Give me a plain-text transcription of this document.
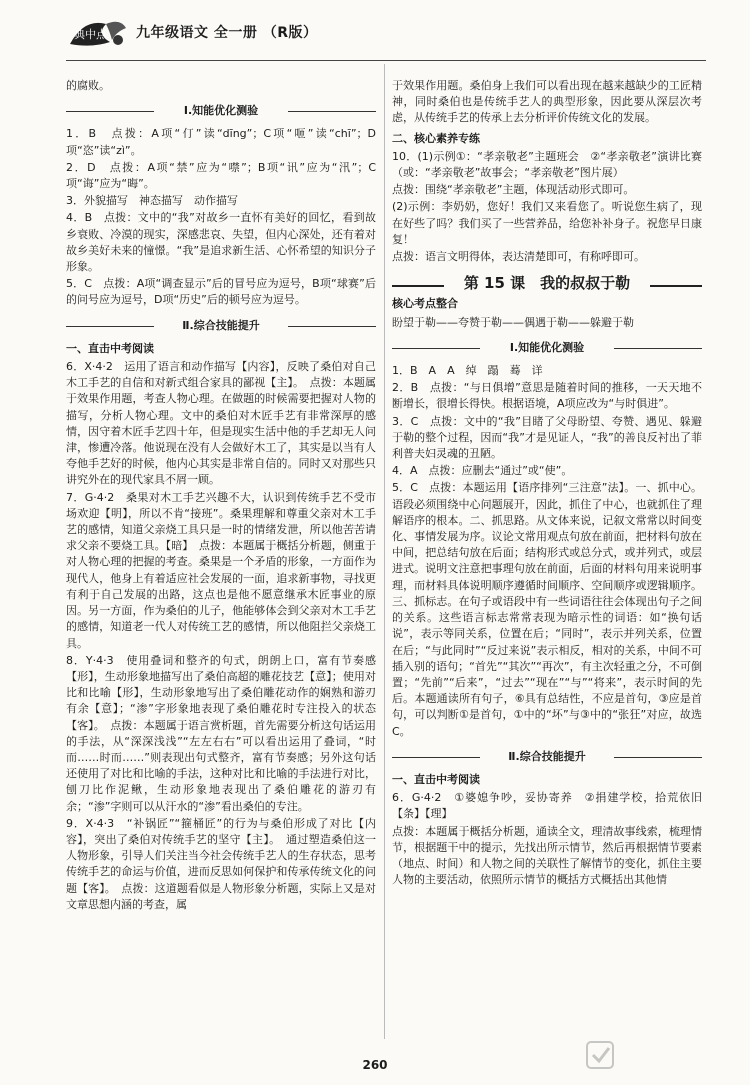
典中点 九年级语文 全一册 （R版）

的腐败。

Ⅰ.知能优化测验

1．B　点拨：A项“仃”读“dīng”；C项“咂”读“chī”；D项“恣”读“zì”。

2．D　点拨：A项“禁”应为“噤”；B项“讯”应为“汛”；C项“诲”应为“晦”。

3．外貌描写　神态描写　动作描写

4．B　点拨：文中的“我”对故乡一直怀有美好的回忆，看到故乡衰败、冷漠的现实，深感悲哀、失望，但内心深处，还有着对故乡美好未来的憧憬。“我”是追求新生活、心怀希望的知识分子形象。

5．C　点拨：A项“调查显示”后的冒号应为逗号，B项“球赛”后的问号应为逗号，D项“历史”后的顿号应为逗号。

Ⅱ.综合技能提升
一、直击中考阅读

6．X·4·2　运用了语言和动作描写【内容】，反映了桑伯对自己木工手艺的自信和对新式组合家具的鄙视【主】。　点拨：本题属于效果作用题，考查人物心理。在做题的时候需要把握对人物的描写，分析人物心理。文中的桑伯对木匠手艺有非常深厚的感情，因守着木匠手艺四十年，但是现实生活中他的手艺却无人问津，惨遭冷落。他说现在没有人会做好木工了，其实是以当有人夸他手艺好的时候，他内心其实是非常自信的。同时又对那些只讲究外在的现代家具不屑一顾。

7．G·4·2　桑果对木工手艺兴趣不大，认识到传统手艺不受市场欢迎【明】，所以不肯“接班”。桑果理解和尊重父亲对木工手艺的感情，知道父亲烧工具只是一时的情绪发泄，所以他苦苦请求父亲不要烧工具。【暗】　点拨：本题属于概括分析题，侧重于对人物心理的把握的考查。桑果是一个矛盾的形象，一方面作为现代人，他身上有着适应社会发展的一面，追求新事物，寻找更有利于自己发展的出路，这点也是他不愿意继承木匠事业的原因。另一方面，作为桑伯的儿子，他能够体会到父亲对木工手艺的感情，知道老一代人对传统工艺的感情，所以他阻拦父亲烧工具。

8．Y·4·3　使用叠词和整齐的句式，朗朗上口，富有节奏感【形】，生动形象地描写出了桑伯高超的雕花技艺【意】；使用对比和比喻【形】，生动形象地写出了桑伯雕花动作的娴熟和游刃有余【意】；“渗”字形象地表现了桑伯雕花时专注投入的状态【客】。　点拨：本题属于语言赏析题，首先需要分析这句话运用的手法，从“深深浅浅”“左左右右”可以看出运用了叠词，“时而……时而……”则表现出句式整齐，富有节奏感；另外这句话还使用了对比和比喻的手法，这种对比和比喻的手法进行对比，刨刀比作泥鳅，生动形象地表现出了桑伯雕花的游刃有余；“渗”字则可以从汗水的“渗”看出桑伯的专注。

9．X·4·3　“补锅匠”“箍桶匠”的行为与桑伯形成了对比【内容】，突出了桑伯对传统手艺的坚守【主】。　通过塑造桑伯这一人物形象，引导人们关注当今社会传统手艺人的生存状态，思考传统手艺的命运与价值，进而反思如何保护和传承传统文化的问题【客】。　点拨：这道题看似是人物形象分析题，实际上又是对文章思想内涵的考查，属

于效果作用题。桑伯身上我们可以看出现在越来越缺少的工匠精神，同时桑伯也是传统手艺人的典型形象，因此要从深层次考虑，从传统手艺的传承上去分析评价传统文化的发展。

二、核心素养专练

10．(1)示例①：“孝亲敬老”主题班会　②“孝亲敬老”演讲比赛（或：“孝亲敬老”故事会；“孝亲敬老”图片展）

点拨：围绕“孝亲敬老”主题，体现活动形式即可。

(2)示例：李奶奶，您好！我们又来看您了。听说您生病了，现在好些了吗？我们买了一些营养品，给您补补身子。祝您早日康复！

点拨：语言文明得体，表达清楚即可，有称呼即可。

第 15 课　我的叔叔于勒
核心考点整合

盼望于勒——夸赞于勒——偶遇于勒——躲避于勒

Ⅰ.知能优化测验

1．B　A　A　绰　蹋　蓦　详

2．B　点拨：“与日俱增”意思是随着时间的推移，一天天地不断增长，很增长得快。根据语境，A项应改为“与时俱进”。

3．C　点拨：文中的“我”目睹了父母盼望、夸赞、遇见、躲避于勒的整个过程，因而“我”才是见证人，“我”的善良反衬出了菲利普夫妇灵魂的丑陋。

4．A　点拨：应删去“通过”或“使”。

5．C　点拨：本题运用【语序排列“三注意”法】。一、抓中心。语段必须围绕中心问题展开，因此，抓住了中心，也就抓住了理解语序的根本。二、抓思路。从文体来说，记叙文常常以时间变化、事情发展为序。议论文常用观点句放在前面，把材料句放在中间，把总结句放在后面；结构形式或总分式，或并列式，或层进式。说明文注意把事理句放在前面，后面的材料句用来说明事理，而材料具体说明顺序遵循时间顺序、空间顺序或逻辑顺序。三、抓标志。在句子或语段中有一些词语往往会体现出句子之间的关系。这些语言标志常常表现为暗示性的词语：如“换句话说”，表示等同关系，位置在后；“同时”，表示并列关系，位置在后；“与此同时”“反过来说”表示相反，相对的关系，中间不可插入别的语句；“首先”“其次”“再次”，有主次轻重之分，不可倒置；“先前”“后来”，“过去”“现在”“与”“将来”，表示时间的先后。本题通读所有句子，⑥具有总结性，不应是首句，③应是首句，可以判断①是首句，①中的“坏”与③中的“张狂”对应，故选C。

Ⅱ.综合技能提升
一、直击中考阅读

6．G·4·2　①婆媳争吵，妥协寄养　②捐建学校，拾荒依旧【条】【理】

点拨：本题属于概括分析题，通读全文，理清故事线索，梳理情节，根据题干中的提示，先找出所示情节，然后再根据情节要素（地点、时间）和人物之间的关联性了解情节的变化，抓住主要人物的主要活动，依照所示情节的概括方式概括出其他情

260
